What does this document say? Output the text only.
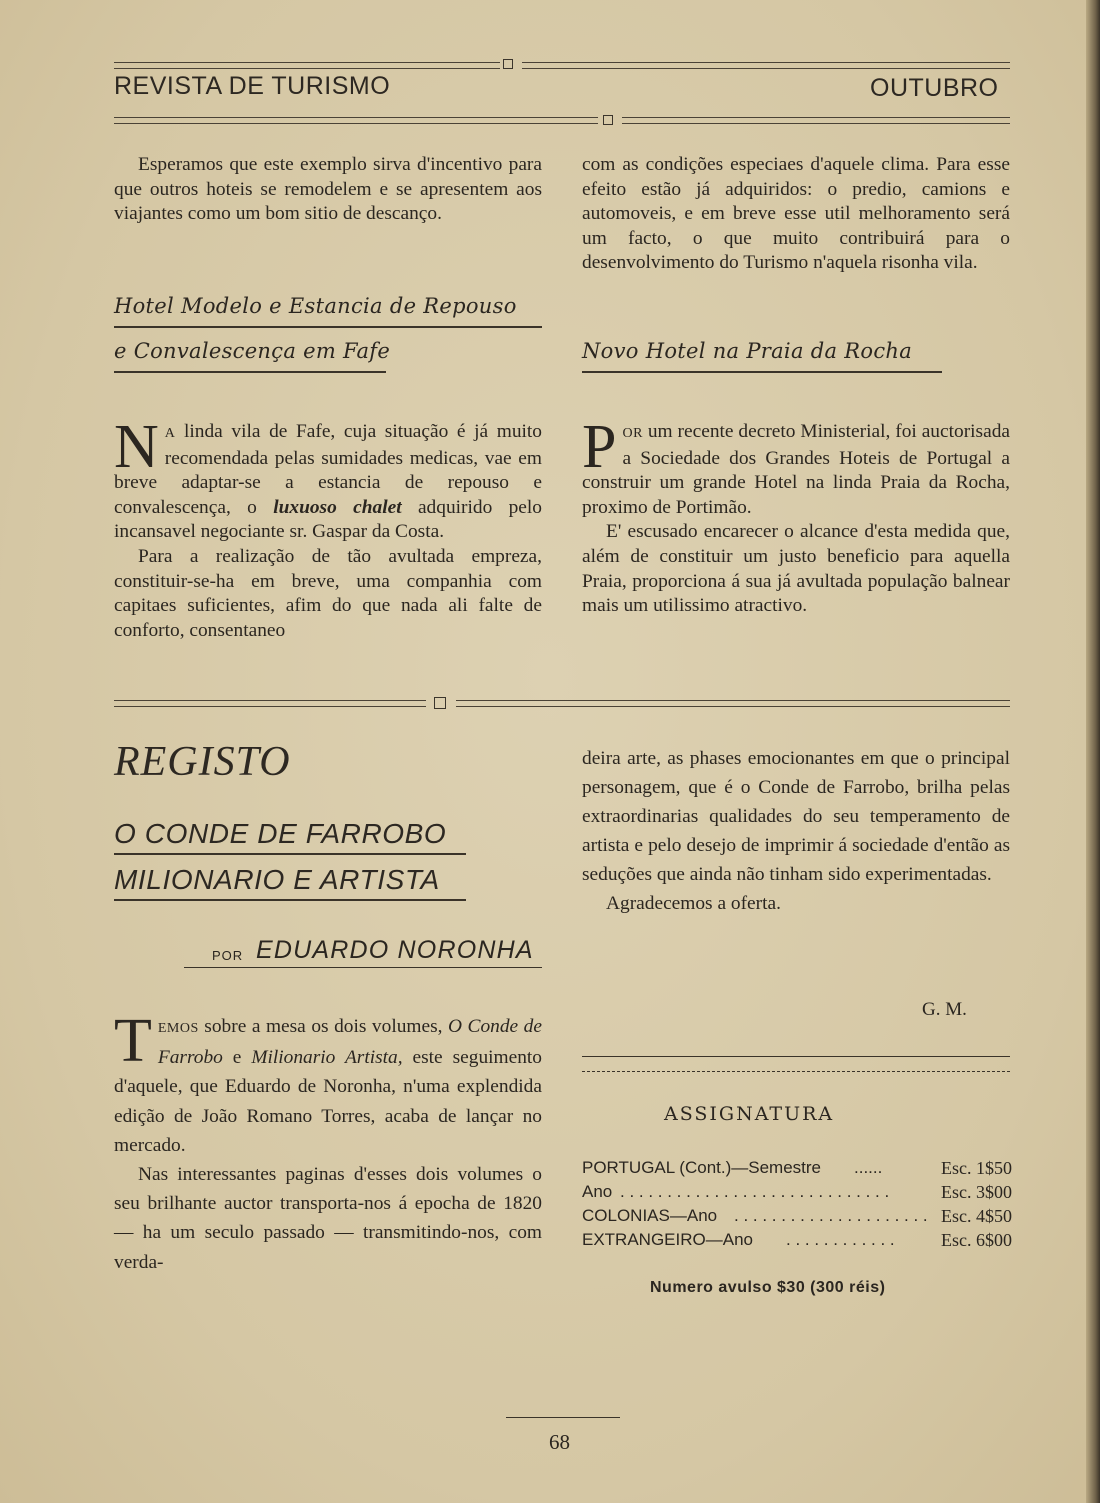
REVISTA DE TURISMO	OUTUBRO

Esperamos que este exemplo sirva d'incentivo para que outros hoteis se remodelem e se apresentem aos viajantes como um bom sitio de descanço.

Hotel Modelo e Estancia de Repouso
e Convalescença em Fafe

N A linda vila de Fafe, cuja situação é já muito recomendada pelas sumidades medicas, vae em breve adaptar-se a estancia de repouso e convalescença, o luxuoso chalet adquirido pelo incansavel negociante sr. Gaspar da Costa.

Para a realização de tão avultada empreza, constituir-se-ha em breve, uma companhia com capitaes suficientes, afim do que nada ali falte de conforto, consentaneo

com as condições especiaes d'aquele clima. Para esse efeito estão já adquiridos: o predio, camions e automoveis, e em breve esse util melhoramento será um facto, o que muito contribuirá para o desenvolvimento do Turismo n'aquela risonha vila.

Novo Hotel na Praia da Rocha

POR um recente decreto Ministerial, foi auctorisada a Sociedade dos Grandes Hoteis de Portugal a construir um grande Hotel na linda Praia da Rocha, proximo de Portimão.

E' escusado encarecer o alcance d'esta medida que, além de constituir um justo beneficio para aquella Praia, proporciona á sua já avultada população balnear mais um utilissimo atractivo.

REGISTO
O CONDE DE FARROBO
MILIONARIO E ARTISTA
POR EDUARDO NORONHA

TEMOS sobre a mesa os dois volumes, O Conde de Farrobo e Milionario Artista, este seguimento d'aquele, que Eduardo de Noronha, n'uma explendida edição de João Romano Torres, acaba de lançar no mercado.

Nas interessantes paginas d'esses dois volumes o seu brilhante auctor transporta-nos á epocha de 1820 — ha um seculo passado — transmitindo-nos, com verda-

deira arte, as phases emocionantes em que o principal personagem, que é o Conde de Farrobo, brilha pelas extraordinarias qualidades do seu temperamento de artista e pelo desejo de imprimir á sociedade d'então as seduções que ainda não tinham sido experimentadas.

Agradecemos a oferta.

G. M.
ASSIGNATURA
PORTUGAL (Cont.)—Semestre ......	Esc. 1$50
Ano . . . . . . . . . . . . . . . . . . . . . . . . . . . . .	Esc. 3$00
COLONIAS—Ano . . . . . . . . . . . . . . . . . . . . . Esc. 4$50
EXTRANGEIRO—Ano . . . . . . . . . . . .	Esc. 6$00
Numero avulso $30 (300 réis)
68
